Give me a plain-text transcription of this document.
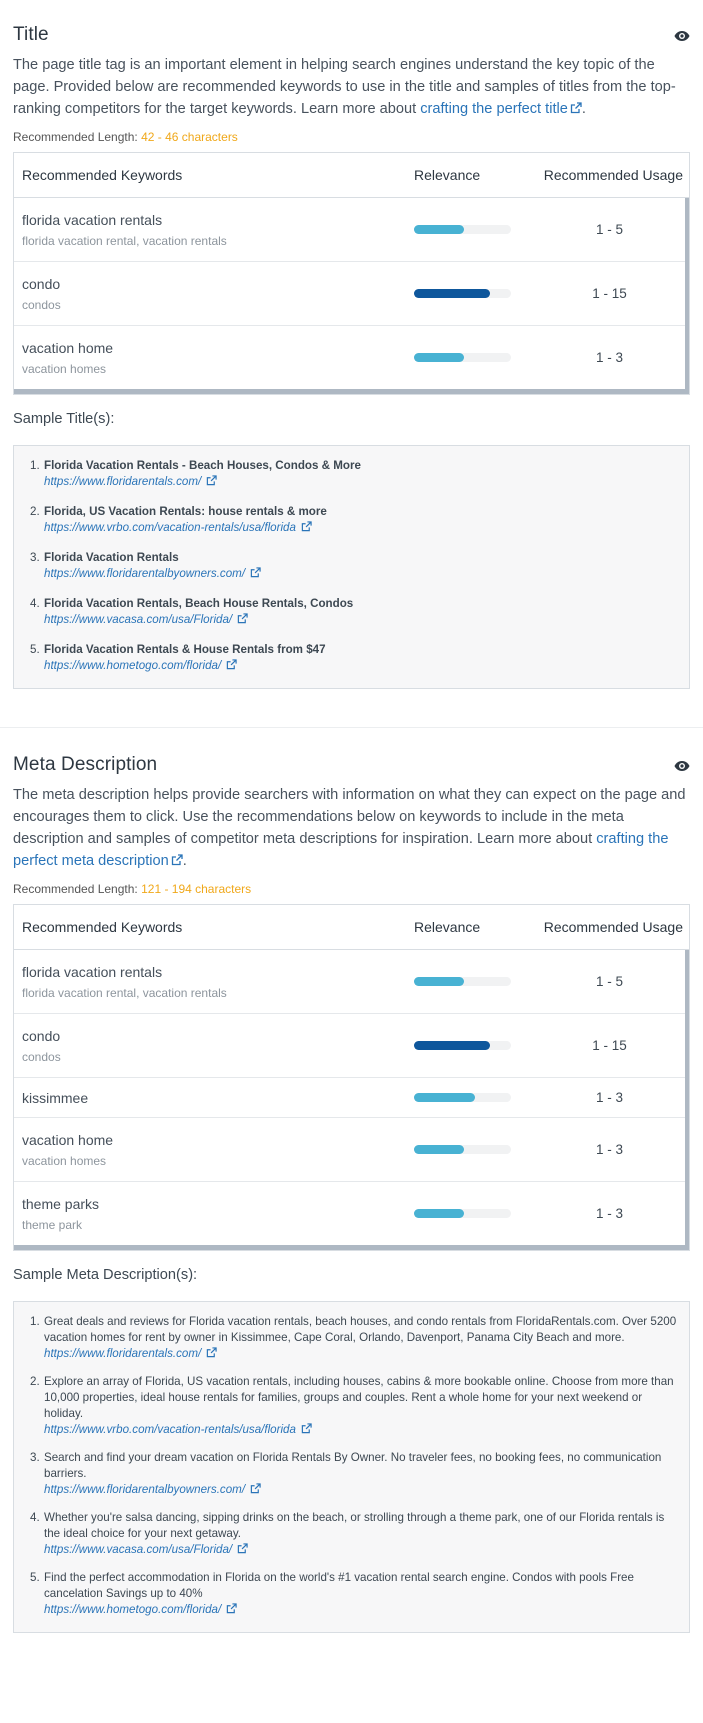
Title

The page title tag is an important element in helping search engines understand the key topic of the page. Provided below are recommended keywords to use in the title and samples of titles from the top-ranking competitors for the target keywords. Learn more about crafting the perfect title .

Recommended Length: 42 - 46 characters
Recommended Keywords	Relevance	Recommended Usage
florida vacation rentals
florida vacation rental, vacation rentals
1 - 5
condo
condos
1 - 15
vacation home
vacation homes
1 - 3
Sample Title(s):
1. Florida Vacation Rentals - Beach Houses, Condos & More
https://www.floridarentals.com/
2. Florida, US Vacation Rentals: house rentals & more
https://www.vrbo.com/vacation-rentals/usa/florida
3. Florida Vacation Rentals
https://www.floridarentalbyowners.com/
4. Florida Vacation Rentals, Beach House Rentals, Condos
https://www.vacasa.com/usa/Florida/
5. Florida Vacation Rentals & House Rentals from $47
https://www.hometogo.com/florida/
Meta Description

The meta description helps provide searchers with information on what they can expect on the page and encourages them to click. Use the recommendations below on keywords to include in the meta description and samples of competitor meta descriptions for inspiration. Learn more about crafting the perfect meta description .

Recommended Length: 121 - 194 characters
Recommended Keywords	Relevance	Recommended Usage
florida vacation rentals
florida vacation rental, vacation rentals
1 - 5
condo
condos
1 - 15
kissimmee	1 - 3
vacation home
vacation homes
1 - 3
theme parks
theme park
1 - 3
Sample Meta Description(s):
1. Great deals and reviews for Florida vacation rentals, beach houses, and condo rentals from FloridaRentals.com. Over 5200 vacation homes for rent by owner in Kissimmee, Cape Coral, Orlando, Davenport, Panama City Beach and more.
https://www.floridarentals.com/
2. Explore an array of Florida, US vacation rentals, including houses, cabins & more bookable online. Choose from more than 10,000 properties, ideal house rentals for families, groups and couples. Rent a whole home for your next weekend or holiday.
https://www.vrbo.com/vacation-rentals/usa/florida
3. Search and find your dream vacation on Florida Rentals By Owner. No traveler fees, no booking fees, no communication barriers.
https://www.floridarentalbyowners.com/
4. Whether you're salsa dancing, sipping drinks on the beach, or strolling through a theme park, one of our Florida rentals is the ideal choice for your next getaway.
https://www.vacasa.com/usa/Florida/
5. Find the perfect accommodation in Florida on the world's #1 vacation rental search engine. Condos with pools Free cancelation Savings up to 40%
https://www.hometogo.com/florida/
